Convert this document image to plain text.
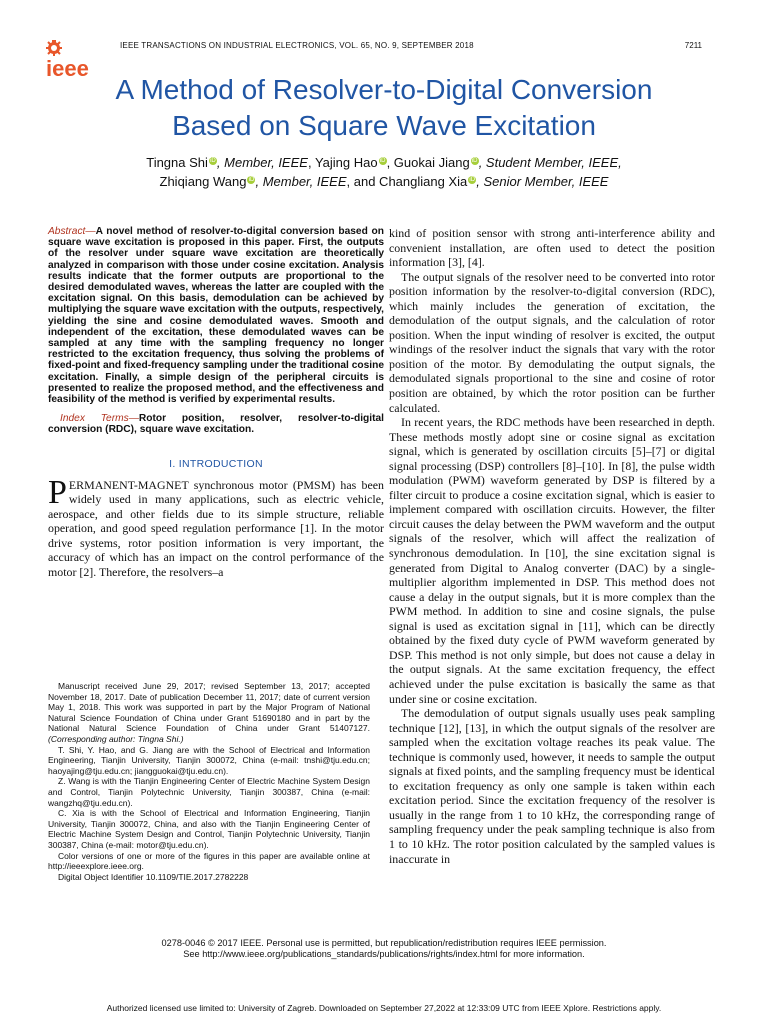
ieee
IEEE TRANSACTIONS ON INDUSTRIAL ELECTRONICS, VOL. 65, NO. 9, SEPTEMBER 2018	7211
A Method of Resolver-to-Digital Conversion
Based on Square Wave Excitation
Tingna Shi iD, Member, IEEE, Yajing Hao iD, Guokai Jiang iD, Student Member, IEEE,
Zhiqiang Wang iD, Member, IEEE, and Changliang Xia iD, Senior Member, IEEE

Abstract—A novel method of resolver-to-digital conversion based on square wave excitation is proposed in this paper. First, the outputs of the resolver under square wave excitation are theoretically analyzed in comparison with those under cosine excitation. Analysis results indicate that the former outputs are proportional to the desired demodulated waves, whereas the latter are coupled with the excitation signal. On this basis, demodulation can be achieved by multiplying the square wave excitation with the outputs, respectively, yielding the sine and cosine demodulated waves. Smooth and independent of the excitation, these demodulated waves can be sampled at any time with the sampling frequency no longer restricted to the excitation frequency, thus solving the problems of fixed-point and fixed-frequency sampling under the traditional cosine excitation. Finally, a simple design of the peripheral circuits is presented to realize the proposed method, and the effectiveness and feasibility of the method is verified by experimental results.

Index Terms—Rotor position, resolver, resolver-to-digital conversion (RDC), square wave excitation.

I. INTRODUCTION

PERMANENT-MAGNET synchronous motor (PMSM) has been widely used in many applications, such as electric vehicle, aerospace, and other fields due to its simple structure, reliable operation, and good speed regulation performance [1]. In the motor drive systems, rotor position information is very important, the accuracy of which has an impact on the control performance of the motor [2]. Therefore, the resolvers–a

Manuscript received June 29, 2017; revised September 13, 2017; accepted November 18, 2017. Date of publication December 11, 2017; date of current version May 1, 2018. This work was supported in part by the Major Program of National Natural Science Foundation of China under Grant 51690180 and in part by the National Natural Science Foundation of China under Grant 51407127. (Corresponding author: Tingna Shi.)

T. Shi, Y. Hao, and G. Jiang are with the School of Electrical and Information Engineering, Tianjin University, Tianjin 300072, China (e-mail: tnshi@tju.edu.cn; haoyajing@tju.edu.cn; jiangguokai@tju.edu.cn).

Z. Wang is with the Tianjin Engineering Center of Electric Machine System Design and Control, Tianjin Polytechnic University, Tianjin 300387, China (e-mail: wangzhq@tju.edu.cn).

C. Xia is with the School of Electrical and Information Engineering, Tianjin University, Tianjin 300072, China, and also with the Tianjin Engineering Center of Electric Machine System Design and Control, Tianjin Polytechnic University, Tianjin 300387, China (e-mail: motor@tju.edu.cn).

Color versions of one or more of the figures in this paper are available online at http://ieeexplore.ieee.org.

Digital Object Identifier 10.1109/TIE.2017.2782228

kind of position sensor with strong anti-interference ability and convenient installation, are often used to detect the position information [3], [4].

The output signals of the resolver need to be converted into rotor position information by the resolver-to-digital conversion (RDC), which mainly includes the generation of excitation, the demodulation of the output signals, and the calculation of rotor position. When the input winding of resolver is excited, the output windings of the resolver induct the signals that vary with the rotor position of the motor. By demodulating the output signals, the demodulated signals proportional to the sine and cosine of rotor position are obtained, by which the rotor position can be further calculated.

In recent years, the RDC methods have been researched in depth. These methods mostly adopt sine or cosine signal as excitation signal, which is generated by oscillation circuits [5]–[7] or digital signal processing (DSP) controllers [8]–[10]. In [8], the pulse width modulation (PWM) waveform generated by DSP is filtered by a filter circuit to produce a cosine excitation signal, which is easier to implement compared with oscillation circuits. However, the filter circuit causes the delay between the PWM waveform and the output signals of the resolver, which will affect the realization of synchronous demodulation. In [10], the sine excitation signal is generated from Digital to Analog converter (DAC) by a single-multiplier algorithm implemented in DSP. This method does not cause a delay in the output signals, but it is more complex than the PWM method. In addition to sine and cosine signals, the pulse signal is used as excitation signal in [11], which can be directly obtained by the fixed duty cycle of PWM waveform generated by DSP. This method is not only simple, but does not cause a delay in the output signals. At the same excitation frequency, the effect achieved under the pulse excitation is basically the same as that under sine or cosine excitation.

The demodulation of output signals usually uses peak sampling technique [12], [13], in which the output signals of the resolver are sampled when the excitation voltage reaches its peak value. The technique is commonly used, however, it needs to sample the output signals at fixed points, and the sampling frequency must be identical to excitation frequency as only one sample is taken within each excitation period. Since the excitation frequency of the resolver is usually in the range from 1 to 10 kHz, the corresponding range of sampling frequency under the peak sampling technique is also from 1 to 10 kHz. The rotor position calculated by the sampled values is inaccurate in

0278-0046 © 2017 IEEE. Personal use is permitted, but republication/redistribution requires IEEE permission.
See http://www.ieee.org/publications_standards/publications/rights/index.html for more information.
Authorized licensed use limited to: University of Zagreb. Downloaded on September 27,2022 at 12:33:09 UTC from IEEE Xplore. Restrictions apply.
